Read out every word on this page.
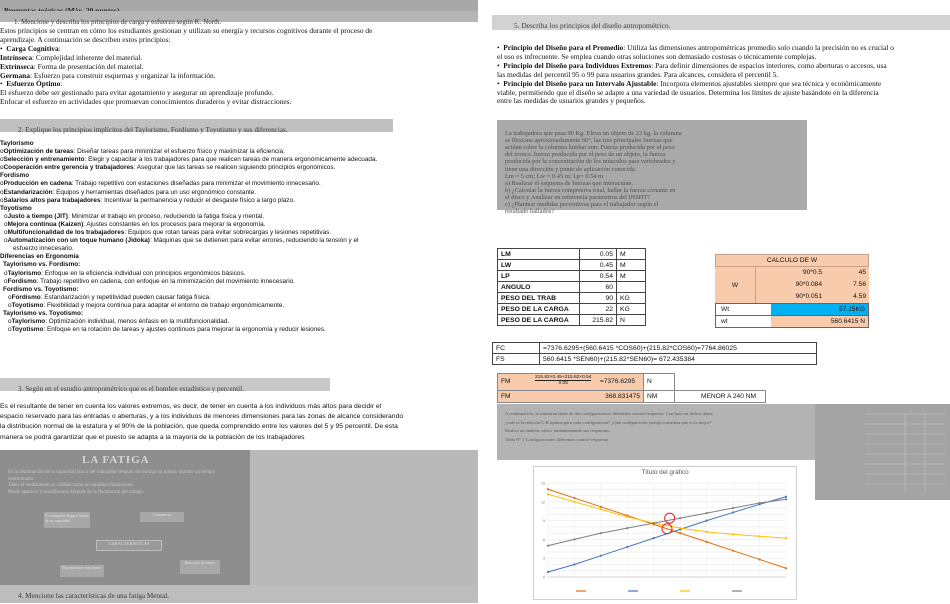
1. Mencione y describa los principios de carga y esfuerzo según K. North.
Estos principios se centran en cómo los estudiantes gestionan y utilizan su energía y recursos cognitivos durante el proceso de
aprendizaje. A continuación se describen estos principios:
•  Carga Cognitiva:
Intrínseca: Complejidad inherente del material.
Extrínseca: Forma de presentación del material.
Germana: Esfuerzo para construir esquemas y organizar la información.
•  Esfuerzo Óptimo:
El esfuerzo debe ser gestionado para evitar agotamiento y asegurar un aprendizaje profundo.
Enfocar el esfuerzo en actividades que promuevan conocimientos duraderos y evitar distracciones.
2. Explique los principios implícitos del Taylorismo, Fordismo y Toyotismo y sus diferencias.
Taylorismo
oOptimización de tareas: Diseñar tareas para minimizar el esfuerzo físico y maximizar la eficiencia.
oSelección y entrenamiento: Elegir y capacitar a los trabajadores para que realicen tareas de manera ergonómicamente adecuada.
oCooperación entre gerencia y trabajadores: Asegurar que las tareas se realicen siguiendo principios ergonómicos.
Fordismo
oProducción en cadena: Trabajo repetitivo con estaciones diseñadas para minimizar el movimiento innecesario.
oEstandarización: Equipos y herramientas diseñados para un uso ergonómico constante.
oSalarios altos para trabajadores: Incentivar la permanencia y reducir el desgaste físico a largo plazo.
Toyotismo
oJusto a tiempo (JIT): Minimizar el trabajo en proceso, reduciendo la fatiga física y mental.
oMejora continua (Kaizen): Ajustes constantes en los procesos para mejorar la ergonomía.
oMultifuncionalidad de los trabajadores: Equipos que rotan tareas para evitar sobrecargas y lesiones repetitivas.
oAutomatización con un toque humano (Jidoka): Máquinas que se detienen para evitar errores, reduciendo la tensión y el
esfuerzo innecesario.
Diferencias en Ergonomía
Taylorismo vs. Fordismo:
oTaylorismo: Enfoque en la eficiencia individual con principios ergonómicos básicos.
oFordismo: Trabajo repetitivo en cadena, con enfoque en la minimización del movimiento innecesario.
Fordismo vs. Toyotismo:
oFordismo: Estandarización y repetitividad pueden causar fatiga física.
oToyotismo: Flexibilidad y mejora continua para adaptar el entorno de trabajo ergonómicamente.
Taylorismo vs. Toyotismo:
oTaylorismo: Optimización individual, menos énfasis en la multifuncionalidad.
oToyotismo: Enfoque en la rotación de tareas y ajustes continuos para mejorar la ergonomía y reducir lesiones.
3. Según en el estudio antropométrico que es el hombre estadístico y percentil.
Es el resultante de tener en cuenta los valores extremos, es decir, de tener en cuenta a los individuos más altos para decidir el
espacio reservado para las entradas o aberturas, y a los individuos de menores dimensiones para las zonas de alcance considerando
la distribución normal de la estatura y el 90% de la población, que queda comprendido entre los valores del 5 y 95 percentil. De esta
manera se podrá garantizar que el puesto se adapta a la mayoría de la población de los trabajadores
LA FATIGA
Es la disminución de la capacidad física del trabajador después de realizar un trabajo durante un tiempo determinado.
Tanto el rendimiento en calidad como en cantidad disminuyen.
Puede aparecer y manifestarse después de la fluctuación del trabajo.
El trabajador llega al límite de su capacidad
Cansancio
CARACTERÍSTICAS
Movimientos más lentos
Reacción de hastío
4. Mencione las características de una fatiga Mental.
5. Describa los principios del diseño antropométrico.
•  Principio del Diseño para el Promedio: Utiliza las dimensiones antropométricas promedio solo cuando la precisión no es crucial o
el uso es infrecuente. Se emplea cuando otras soluciones son demasiado costosas o técnicamente complejas.
•  Principio del Diseño para Individuos Extremos: Para definir dimensiones de espacios interiores, como aberturas o accesos, usa
las medidas del percentil 95 o 99 para usuarios grandes. Para alcances, considera el percentil 5.
•  Principio del Diseño para un Intervalo Ajustable: Incorpora elementos ajustables siempre que sea técnica y económicamente
viable, permitiendo que el diseño se adapte a una variedad de usuarios. Determina los límites de ajuste basándote en la diferencia
entre las medidas de usuarios grandes y pequeños.

La trabajadora que pesa 90 Kg. Eleva un objeto de 22 kg, la columna
se flexiona aproximadamente 60°, las tres principales fuerzas que
actúan sobre la columna lumbar son: Fuerza producida por el peso
del tronco. fuerza producida por el peso de un objeto, la fuerza
producida por la concentración de los músculos para vertebrados y
tiene una dirección y punto de aplicación conocida.
Lm = 5 cm; Lw = 0.45 m; Lp= 0.54 m
a) Realizar el esquema de fuerzas que interactúan.
b) ¿Calcular la fuerza compresiva total, hallar la fuerza cortante en
el disco y Analizar en referencia parámetros del INSHT?
c) ¿Plantear medidas preventivas para el trabajador según el
resultado hallados?
LM	0.05	M
LW	0.45	M
LP	0.54	M
ANGULO	60	
PESO DEL TRAB	90	KG
PESO DE LA CARGA	22	KG
PESO DE LA CARGA	215.82	N
CALCULO DE W
W
90*0.5	45
90*0.084	7.56
90*0.051	4.59
Wt	57.15KG
wt	560.6415 N
FC	=7376.6295+(560.6415 *COS60)+(215.82*COS60)=7764.86025
FS	560.6415 *SEN60)+(215.82*SEN60)= 672.435384
FM
215.82×0.45+215.82×0.54
0.05	=7376.6295 N
FM	368.831475 NM	MENOR A 240 NM
A continuación, se muestran datos de dos configuraciones diferentes control-respuesta. Con base en dichos datos,
¿cuál es la relación C-R óptima para cada configuración? ¿Qué configuración (setup) considera que es la mejor?
Realice un análisis crítico fundamentando sus respuestas.
Tabla Nº 1 Configuraciones diferentes control-respuesta
Título del gráfico
0
3
6
9
12
15
